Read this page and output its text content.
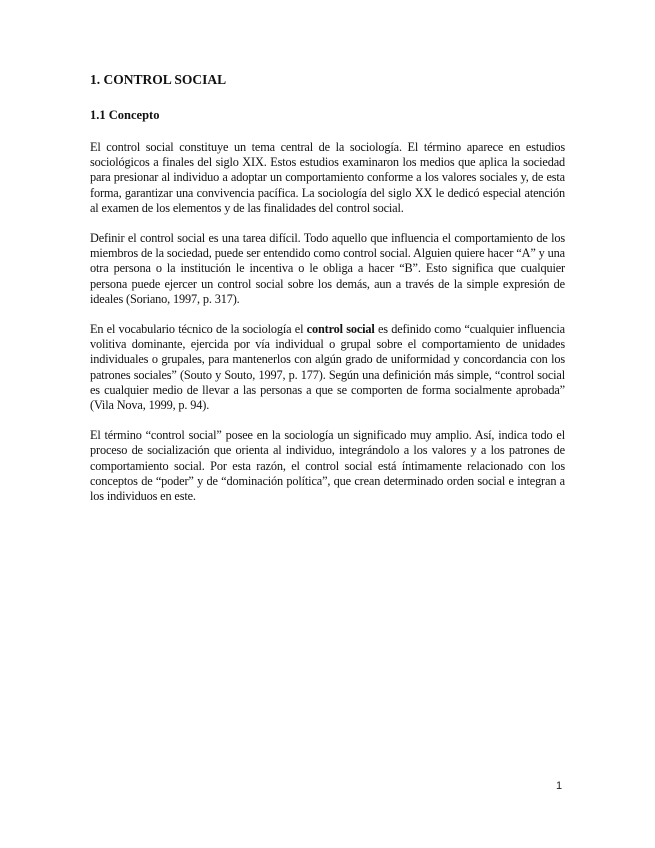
1. CONTROL SOCIAL
1.1 Concepto

El control social constituye un tema central de la sociología. El término aparece en estudios sociológicos a finales del siglo XIX. Estos estudios examinaron los medios que aplica la sociedad para presionar al individuo a adoptar un comportamiento conforme a los valores sociales y, de esta forma, garantizar una convivencia pacífica. La sociología del siglo XX le dedicó especial atención al examen de los elementos y de las finalidades del control social.

Definir el control social es una tarea difícil. Todo aquello que influencia el comportamiento de los miembros de la sociedad, puede ser entendido como control social. Alguien quiere hacer “A” y una otra persona o la institución le incentiva o le obliga a hacer “B”. Esto significa que cualquier persona puede ejercer un control social sobre los demás, aun a través de la simple expresión de ideales (Soriano, 1997, p. 317).

En el vocabulario técnico de la sociología el control social es definido como “cualquier influencia volitiva dominante, ejercida por vía individual o grupal sobre el comportamiento de unidades individuales o grupales, para mantenerlos con algún grado de uniformidad y concordancia con los patrones sociales” (Souto y Souto, 1997, p. 177). Según una definición más simple, “control social es cualquier medio de llevar a las personas a que se comporten de forma socialmente aprobada” (Vila Nova, 1999, p. 94).

El término “control social” posee en la sociología un significado muy amplio. Así, indica todo el proceso de socialización que orienta al individuo, integrándolo a los valores y a los patrones de comportamiento social. Por esta razón, el control social está íntimamente relacionado con los conceptos de “poder” y de “dominación política”, que crean determinado orden social e integran a los individuos en este.

1
